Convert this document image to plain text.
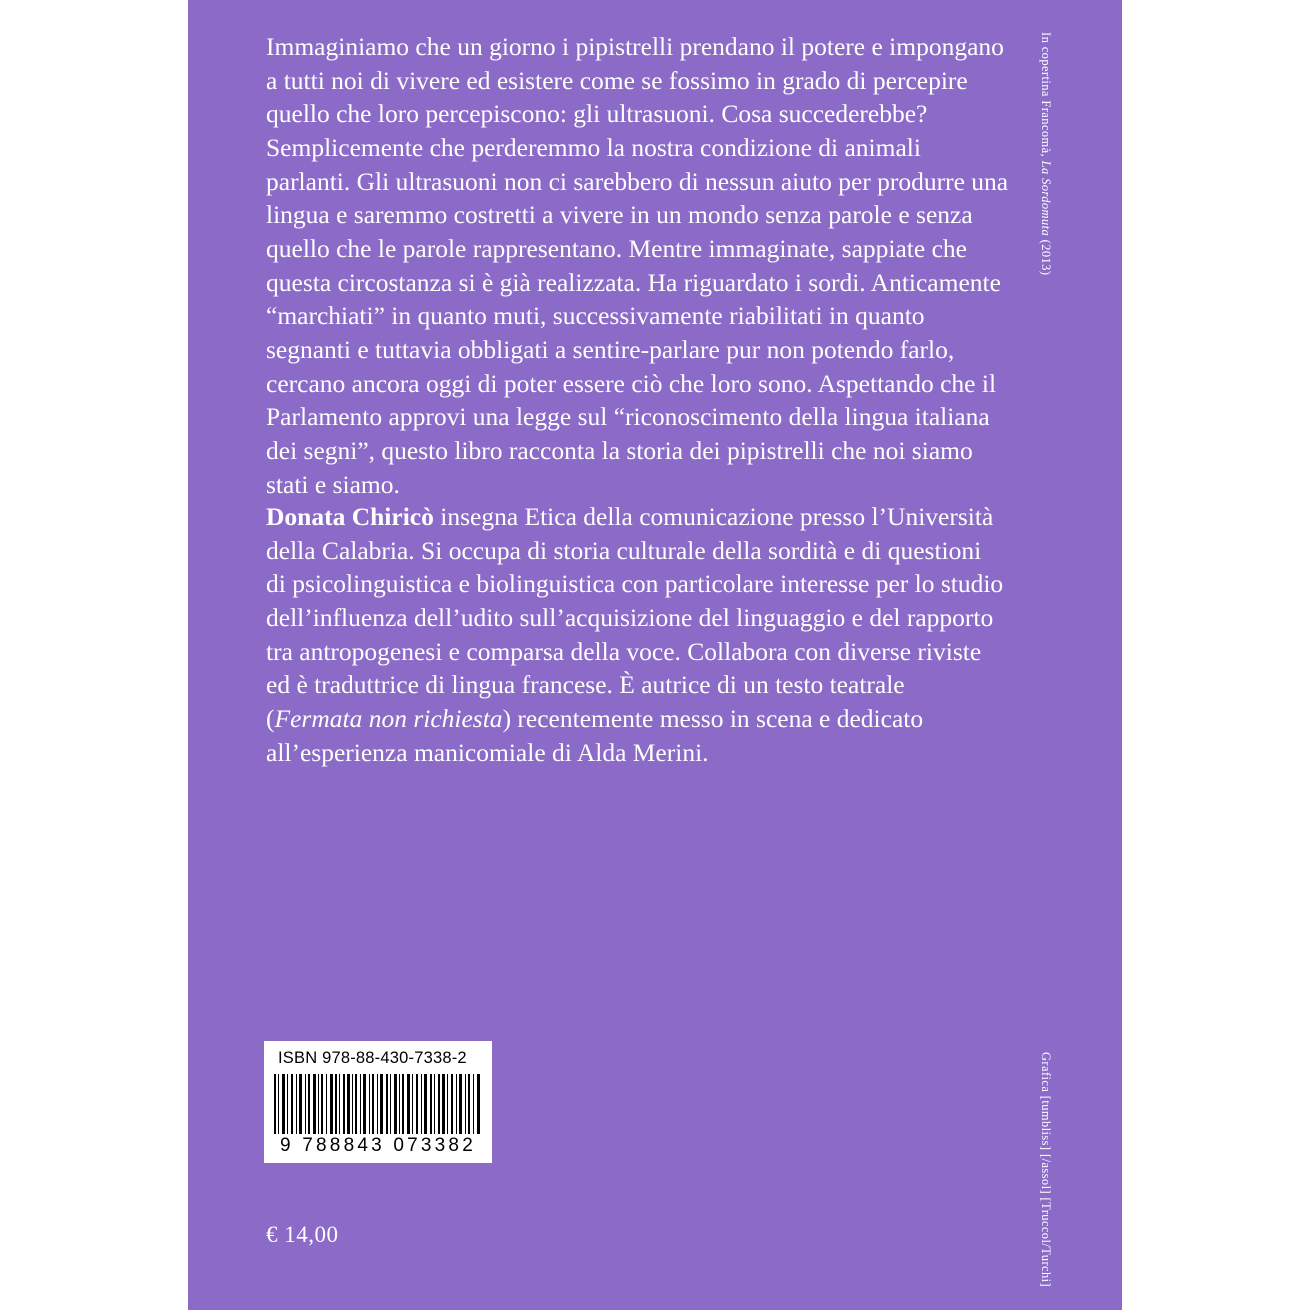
Immaginiamo che un giorno i pipistrelli prendano il potere e impongano a tutti noi di vivere ed esistere come se fossimo in grado di percepire quello che loro percepiscono: gli ultrasuoni. Cosa succederebbe? Semplicemente che perderemmo la nostra condizione di animali parlanti. Gli ultrasuoni non ci sarebbero di nessun aiuto per produrre una lingua e saremmo costretti a vivere in un mondo senza parole e senza quello che le parole rappresentano. Mentre immaginate, sappiate che questa circostanza si è già realizzata. Ha riguardato i sordi. Anticamente “marchiati” in quanto muti, successivamente riabilitati in quanto segnanti e tuttavia obbligati a sentire-parlare pur non potendo farlo, cercano ancora oggi di poter essere ciò che loro sono. Aspettando che il Parlamento approvi una legge sul “riconoscimento della lingua italiana dei segni”, questo libro racconta la storia dei pipistrelli che noi siamo stati e siamo.

Donata Chiricò insegna Etica della comunicazione presso l’Università della Calabria. Si occupa di storia culturale della sordità e di questioni di psicolinguistica e biolinguistica con particolare interesse per lo studio dell’influenza dell’udito sull’acquisizione del linguaggio e del rapporto tra antropogenesi e comparsa della voce. Collabora con diverse riviste ed è traduttrice di lingua francese. È autrice di un testo teatrale (Fermata non richiesta) recentemente messo in scena e dedicato all’esperienza manicomiale di Alda Merini.

In copertina Francomà, La Sordomuta (2013)
Grafica [tumbliss] [/assol] [Truccol/Turchi]
ISBN 978-88-430-7338-2
9 788843 073382
€ 14,00
